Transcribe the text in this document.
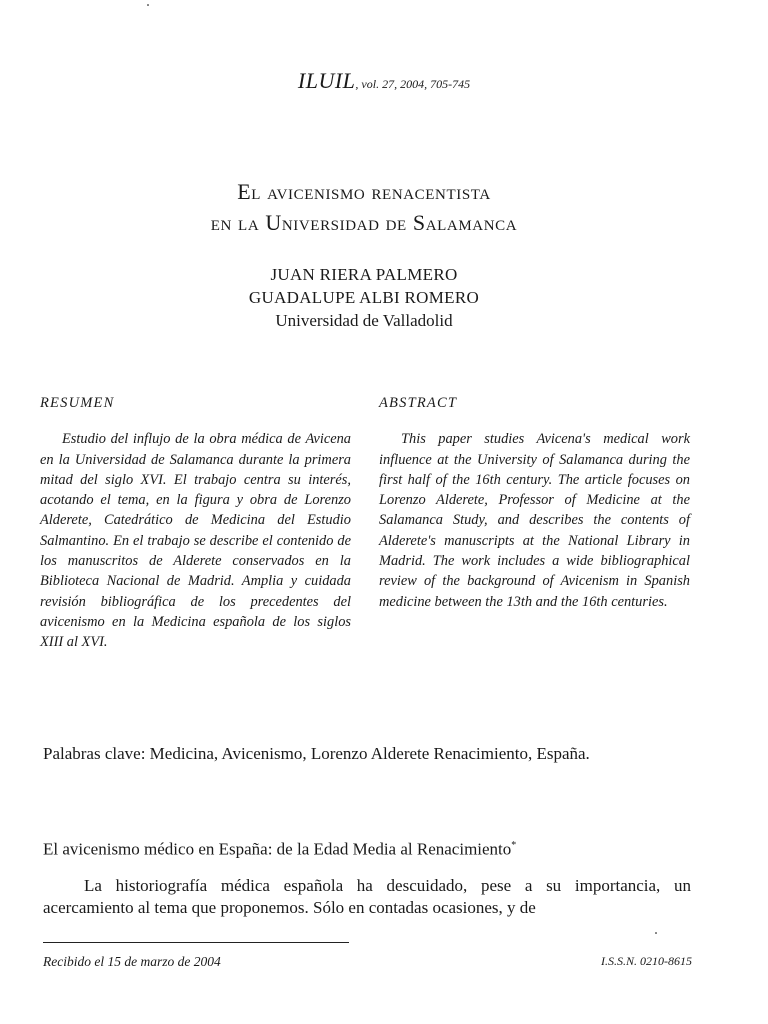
ILUIL, vol. 27, 2004, 705-745
El avicenismo renacentista
en la Universidad de Salamanca
JUAN RIERA PALMERO
GUADALUPE ALBI ROMERO
Universidad de Valladolid
RESUMEN

Estudio del influjo de la obra médica de Avicena en la Universidad de Salamanca durante la primera mitad del siglo XVI. El trabajo centra su interés, acotando el tema, en la figura y obra de Lorenzo Alderete, Catedrático de Medicina del Estudio Salmantino. En el trabajo se describe el contenido de los manuscritos de Alderete conservados en la Biblioteca Nacional de Madrid. Amplia y cuidada revisión bibliográfica de los precedentes del avicenismo en la Medicina española de los siglos XIII al XVI.

ABSTRACT

This paper studies Avicena's medical work influence at the University of Salamanca during the first half of the 16th century. The article focuses on Lorenzo Alderete, Professor of Medicine at the Salamanca Study, and describes the contents of Alderete's manuscripts at the National Library in Madrid. The work includes a wide bibliographical review of the background of Avicenism in Spanish medicine between the 13th and the 16th centuries.

Palabras clave: Medicina, Avicenismo, Lorenzo Alderete Renacimiento, España.
El avicenismo médico en España: de la Edad Media al Renacimiento*

La historiografía médica española ha descuidado, pese a su importancia, un acercamiento al tema que proponemos. Sólo en contadas ocasiones, y de

Recibido el 15 de marzo de 2004	I.S.S.N. 0210-8615
